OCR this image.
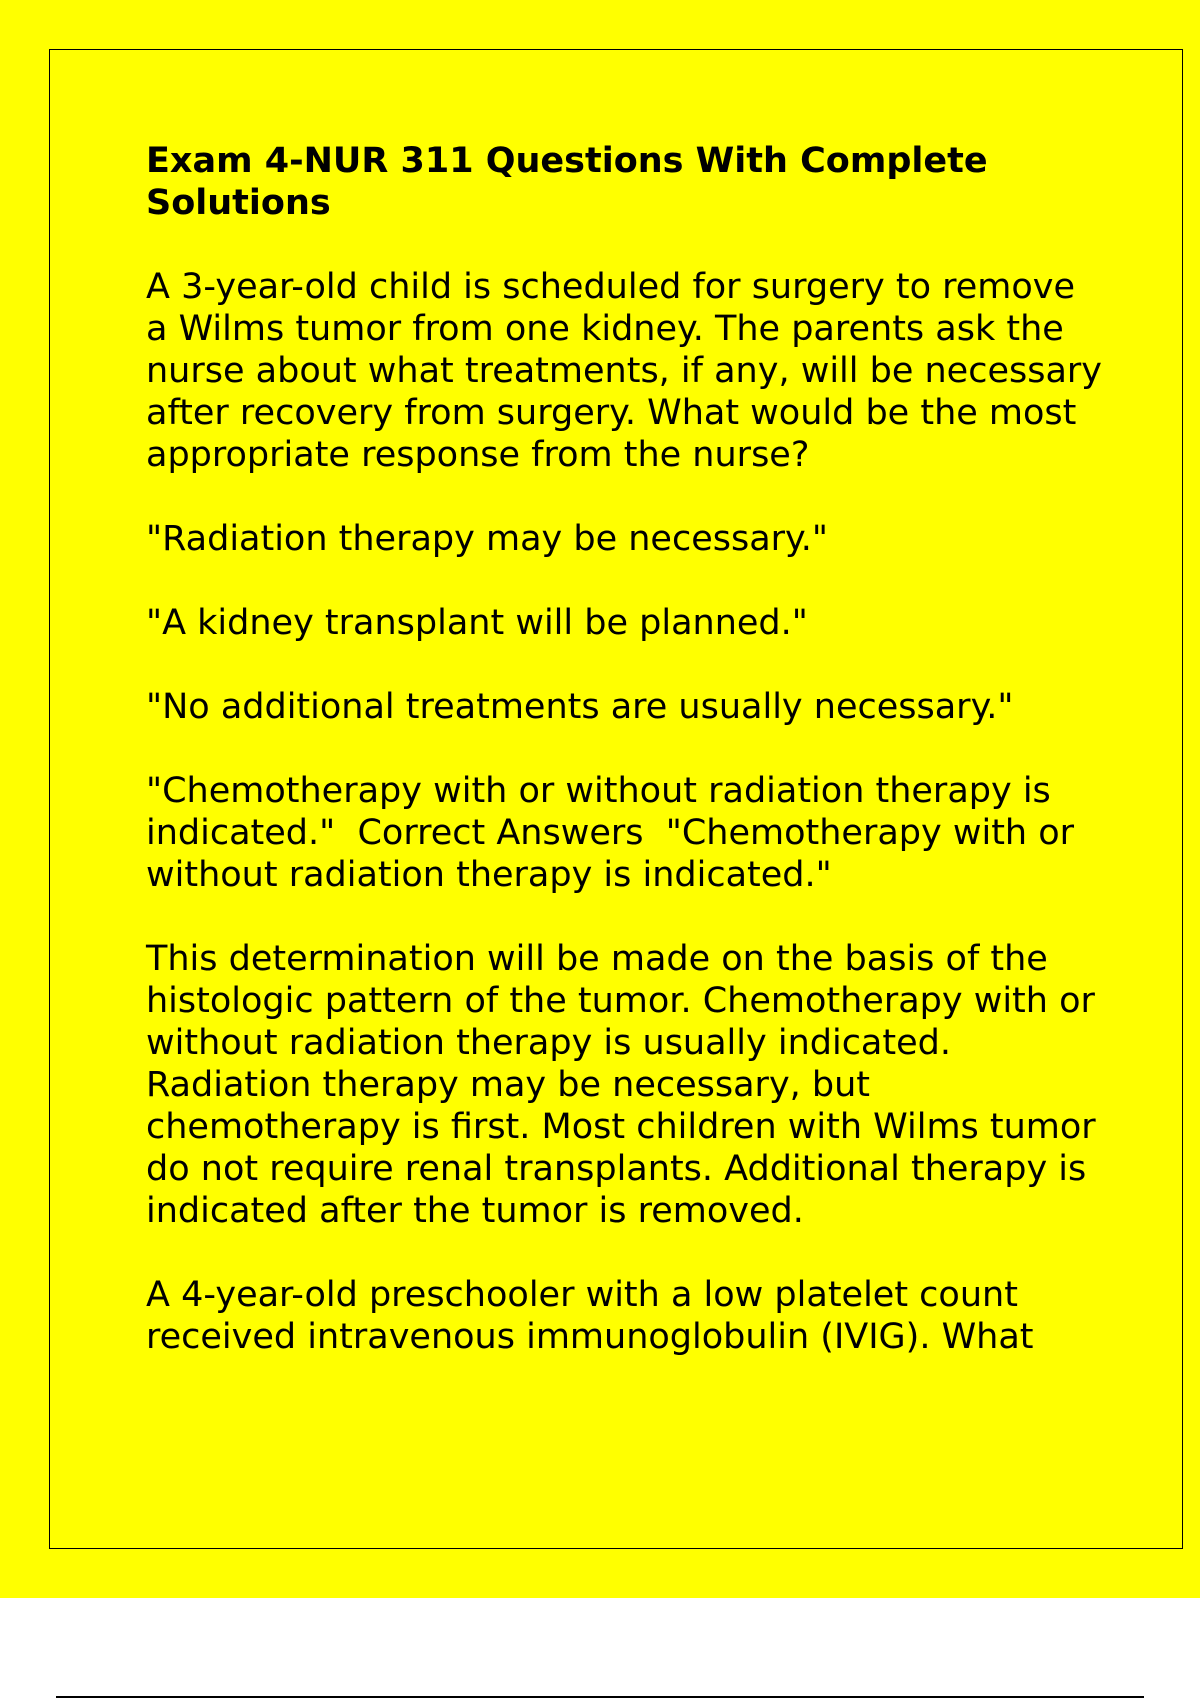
Exam 4-NUR 311 Questions With Complete Solutions
A 3-year-old child is scheduled for surgery to remove a Wilms tumor from one kidney. The parents ask the nurse about what treatments, if any, will be necessary after recovery from surgery. What would be the most appropriate response from the nurse?
"Radiation therapy may be necessary."
"A kidney transplant will be planned."
"No additional treatments are usually necessary."
"Chemotherapy with or without radiation therapy is indicated."  Correct Answers  "Chemotherapy with or without radiation therapy is indicated."
This determination will be made on the basis of the histologic pattern of the tumor. Chemotherapy with or without radiation therapy is usually indicated. Radiation therapy may be necessary, but chemotherapy is first. Most children with Wilms tumor do not require renal transplants. Additional therapy is indicated after the tumor is removed.
A 4-year-old preschooler with a low platelet count received intravenous immunoglobulin (IVIG). What
